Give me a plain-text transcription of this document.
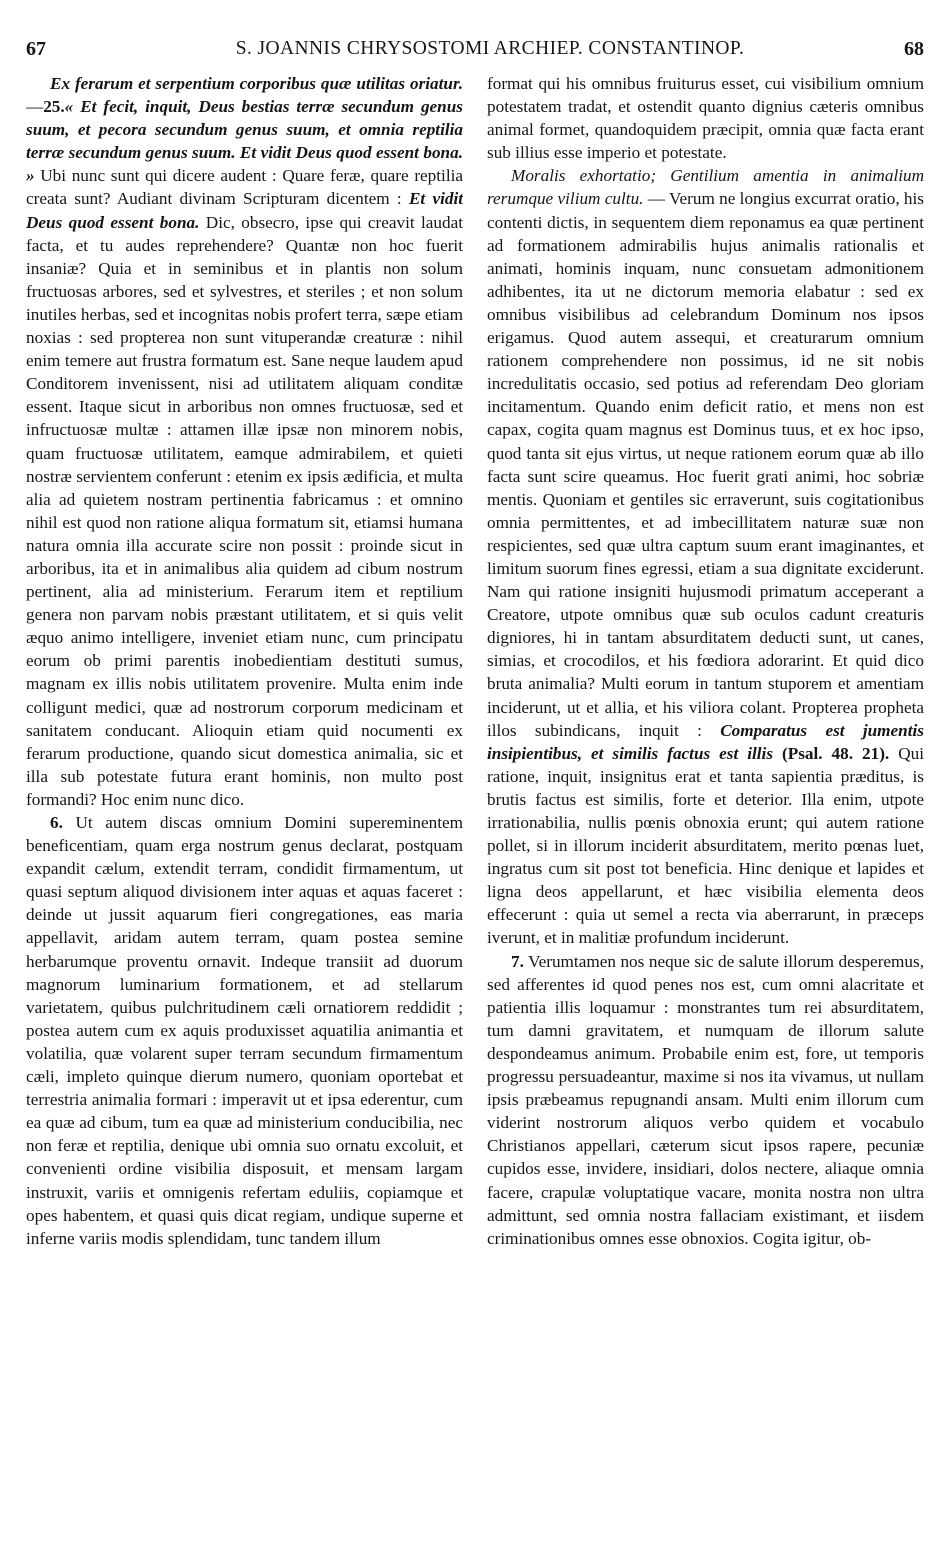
67	S. JOANNIS CHRYSOSTOMI ARCHIEP. CONSTANTINOP.	68

Ex ferarum et serpentium corporibus quæ utilitas oriatur.—25.« Et fecit, inquit, Deus bestias terræ secundum genus suum, et pecora secundum genus suum, et omnia reptilia terræ secundum genus suum. Et vidit Deus quod essent bona. » Ubi nunc sunt qui dicere audent : Quare feræ, quare reptilia creata sunt? Audiant divinam Scripturam dicentem : Et vidit Deus quod essent bona. Dic, obsecro, ipse qui creavit laudat facta, et tu audes reprehendere? Quantæ non hoc fuerit insaniæ? Quia et in seminibus et in plantis non solum fructuosas arbores, sed et sylvestres, et steriles ; et non solum inutiles herbas, sed et incognitas nobis profert terra, sæpe etiam noxias : sed propterea non sunt vituperandæ creaturæ : nihil enim temere aut frustra formatum est. Sane neque laudem apud Conditorem invenissent, nisi ad utilitatem aliquam conditæ essent. Itaque sicut in arboribus non omnes fructuosæ, sed et infructuosæ multæ : attamen illæ ipsæ non minorem nobis, quam fructuosæ utilitatem, eamque admirabilem, et quieti nostræ servientem conferunt : etenim ex ipsis ædificia, et multa alia ad quietem nostram pertinentia fabricamus : et omnino nihil est quod non ratione aliqua formatum sit, etiamsi humana natura omnia illa accurate scire non possit : proinde sicut in arboribus, ita et in animalibus alia quidem ad cibum nostrum pertinent, alia ad ministerium. Ferarum item et reptilium genera non parvam nobis præstant utilitatem, et si quis velit æquo animo intelligere, inveniet etiam nunc, cum principatu eorum ob primi parentis inobedientiam destituti sumus, magnam ex illis nobis utilitatem provenire. Multa enim inde colligunt medici, quæ ad nostrorum corporum medicinam et sanitatem conducant. Alioquin etiam quid nocumenti ex ferarum productione, quando sicut domestica animalia, sic et illa sub potestate futura erant hominis, non multo post formandi? Hoc enim nunc dico.

6. Ut autem discas omnium Domini supereminentem beneficentiam, quam erga nostrum genus declarat, postquam expandit cælum, extendit terram, condidit firmamentum, ut quasi septum aliquod divisionem inter aquas et aquas faceret : deinde ut jussit aquarum fieri congregationes, eas maria appellavit, aridam autem terram, quam postea semine herbarumque proventu ornavit. Indeque transiit ad duorum magnorum luminarium formationem, et ad stellarum varietatem, quibus pulchritudinem cæli ornatiorem reddidit ; postea autem cum ex aquis produxisset aquatilia animantia et volatilia, quæ volarent super terram secundum firmamentum cæli, impleto quinque dierum numero, quoniam oportebat et terrestria animalia formari : imperavit ut et ipsa ederentur, cum ea quæ ad cibum, tum ea quæ ad ministerium conducibilia, nec non feræ et reptilia, denique ubi omnia suo ornatu excoluit, et convenienti ordine visibilia disposuit, et mensam largam instruxit, variis et omnigenis refertam eduliis, copiamque et opes habentem, et quasi quis dicat regiam, undique superne et inferne variis modis splendidam, tunc tandem illum

format qui his omnibus fruiturus esset, cui visibilium omnium potestatem tradat, et ostendit quanto dignius cæteris omnibus animal formet, quandoquidem præcipit, omnia quæ facta erant sub illius esse imperio et potestate.

Moralis exhortatio; Gentilium amentia in animalium rerumque vilium cultu. — Verum ne longius excurrat oratio, his contenti dictis, in sequentem diem reponamus ea quæ pertinent ad formationem admirabilis hujus animalis rationalis et animati, hominis inquam, nunc consuetam admonitionem adhibentes, ita ut ne dictorum memoria elabatur : sed ex omnibus visibilibus ad celebrandum Dominum nos ipsos erigamus. Quod autem assequi, et creaturarum omnium rationem comprehendere non possimus, id ne sit nobis incredulitatis occasio, sed potius ad referendam Deo gloriam incitamentum. Quando enim deficit ratio, et mens non est capax, cogita quam magnus est Dominus tuus, et ex hoc ipso, quod tanta sit ejus virtus, ut neque rationem eorum quæ ab illo facta sunt scire queamus. Hoc fuerit grati animi, hoc sobriæ mentis. Quoniam et gentiles sic erraverunt, suis cogitationibus omnia permittentes, et ad imbecillitatem naturæ suæ non respicientes, sed quæ ultra captum suum erant imaginantes, et limitum suorum fines egressi, etiam a sua dignitate exciderunt. Nam qui ratione insigniti hujusmodi primatum acceperant a Creatore, utpote omnibus quæ sub oculos cadunt creaturis digniores, hi in tantam absurditatem deducti sunt, ut canes, simias, et crocodilos, et his fœdiora adorarint. Et quid dico bruta animalia? Multi eorum in tantum stuporem et amentiam inciderunt, ut et allia, et his viliora colant. Propterea propheta illos subindicans, inquit : Comparatus est jumentis insipientibus, et similis factus est illis (Psal. 48. 21). Qui ratione, inquit, insignitus erat et tanta sapientia præditus, is brutis factus est similis, forte et deterior. Illa enim, utpote irrationabilia, nullis pœnis obnoxia erunt; qui autem ratione pollet, si in illorum inciderit absurditatem, merito pœnas luet, ingratus cum sit post tot beneficia. Hinc denique et lapides et ligna deos appellarunt, et hæc visibilia elementa deos effecerunt : quia ut semel a recta via aberrarunt, in præceps iverunt, et in malitiæ profundum inciderunt.

7. Verumtamen nos neque sic de salute illorum desperemus, sed afferentes id quod penes nos est, cum omni alacritate et patientia illis loquamur : monstrantes tum rei absurditatem, tum damni gravitatem, et numquam de illorum salute despondeamus animum. Probabile enim est, fore, ut temporis progressu persuadeantur, maxime si nos ita vivamus, ut nullam ipsis præbeamus repugnandi ansam. Multi enim illorum cum viderint nostrorum aliquos verbo quidem et vocabulo Christianos appellari, cæterum sicut ipsos rapere, pecuniæ cupidos esse, invidere, insidiari, dolos nectere, aliaque omnia facere, crapulæ voluptatique vacare, monita nostra non ultra admittunt, sed omnia nostra fallaciam existimant, et iisdem criminationibus omnes esse obnoxios. Cogita igitur, ob-
